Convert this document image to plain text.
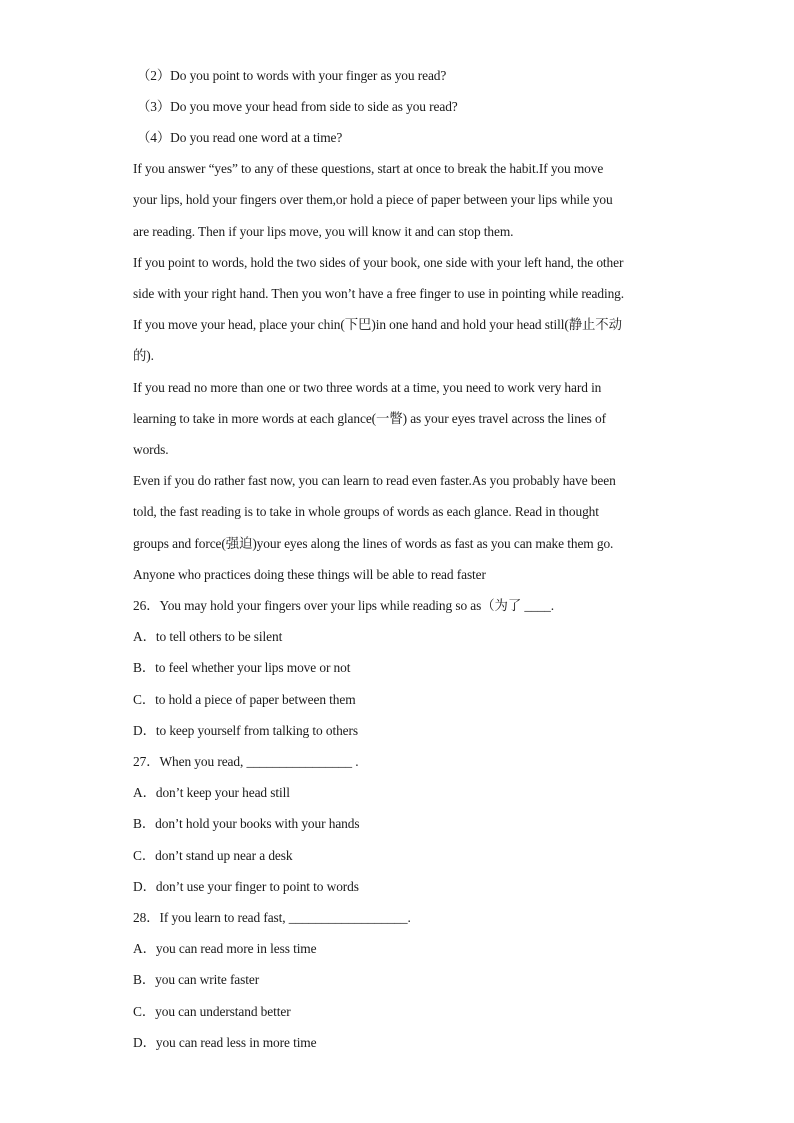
（2）Do you point to words with your finger as you read?
（3）Do you move your head from side to side as you read?
（4）Do you read one word at a time?
If you answer “yes” to any of these questions, start at once to break the habit.If you move
your lips, hold your fingers over them,or hold a piece of paper between your lips while you
are reading. Then if your lips move, you will know it and can stop them.
If you point to words, hold the two sides of your book, one side with your left hand, the other
side with your right hand. Then you won’t have a free finger to use in pointing while reading.
If you move your head, place your chin(下巴)in one hand and hold your head still(静止不动
的).
If you read no more than one or two three words at a time, you need to work very hard in
learning to take in more words at each glance(一瞥) as your eyes travel across the lines of
words.
Even if you do rather fast now, you can learn to read even faster.As you probably have been
told, the fast reading is to take in whole groups of words as each glance. Read in thought
groups and force(强迫)your eyes along the lines of words as fast as you can make them go.
Anyone who practices doing these things will be able to read faster
26．You may hold your fingers over your lips while reading so as（为了 ____.
A．to tell others to be silent
B．to feel whether your lips move or not
C．to hold a piece of paper between them
D．to keep yourself from talking to others
27．When you read, ________________ .
A．don’t keep your head still
B．don’t hold your books with your hands
C．don’t stand up near a desk
D．don’t use your finger to point to words
28．If you learn to read fast, __________________.
A．you can read more in less time
B．you can write faster
C．you can understand better
D．you can read less in more time
